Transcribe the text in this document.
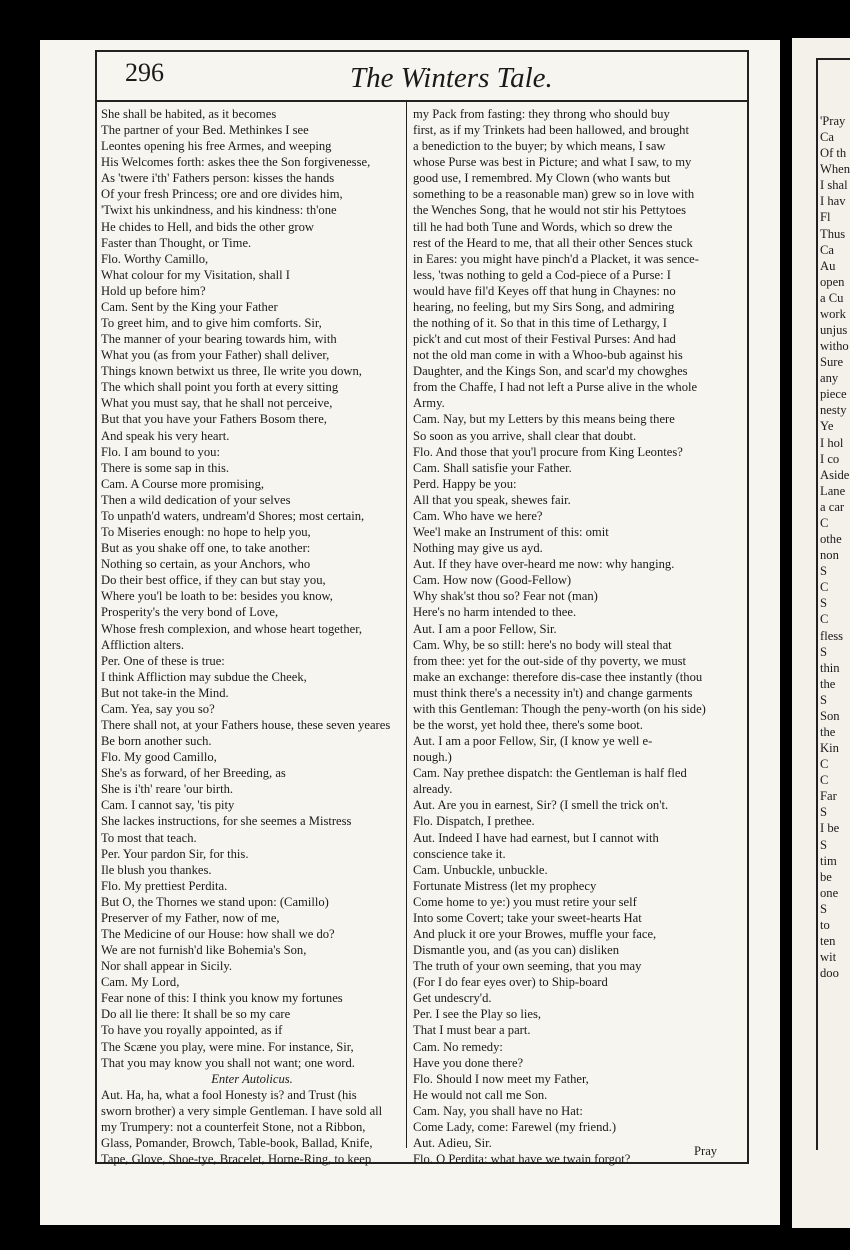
296	The Winters Tale.
She shall be habited, as it becomes
The partner of your Bed. Methinkes I see
Leontes opening his free Armes, and weeping
His Welcomes forth: askes thee the Son forgivenesse,
As 'twere i'th' Fathers person: kisses the hands
Of your fresh Princess; ore and ore divides him,
'Twixt his unkindness, and his kindness: th'one
He chides to Hell, and bids the other grow
Faster than Thought, or Time.
Flo. Worthy Camillo,
What colour for my Visitation, shall I
Hold up before him?
Cam. Sent by the King your Father
To greet him, and to give him comforts. Sir,
The manner of your bearing towards him, with
What you (as from your Father) shall deliver,
Things known betwixt us three, Ile write you down,
The which shall point you forth at every sitting
What you must say, that he shall not perceive,
But that you have your Fathers Bosom there,
And speak his very heart.
Flo. I am bound to you:
There is some sap in this.
Cam. A Course more promising,
Then a wild dedication of your selves
To unpath'd waters, undream'd Shores; most certain,
To Miseries enough: no hope to help you,
But as you shake off one, to take another:
Nothing so certain, as your Anchors, who
Do their best office, if they can but stay you,
Where you'l be loath to be: besides you know,
Prosperity's the very bond of Love,
Whose fresh complexion, and whose heart together,
Affliction alters.
Per. One of these is true:
I think Affliction may subdue the Cheek,
But not take-in the Mind.
Cam. Yea, say you so?
There shall not, at your Fathers house, these seven yeares
Be born another such.
Flo. My good Camillo,
She's as forward, of her Breeding, as
She is i'th' reare 'our birth.
Cam. I cannot say, 'tis pity
She lackes instructions, for she seemes a Mistress
To most that teach.
Per. Your pardon Sir, for this.
Ile blush you thankes.
Flo. My prettiest Perdita.
But O, the Thornes we stand upon: (Camillo)
Preserver of my Father, now of me,
The Medicine of our House: how shall we do?
We are not furnish'd like Bohemia's Son,
Nor shall appear in Sicily.
Cam. My Lord,
Fear none of this: I think you know my fortunes
Do all lie there: It shall be so my care
To have you royally appointed, as if
The Scæne you play, were mine. For instance, Sir,
That you may know you shall not want; one word.
Enter Autolicus.
Aut. Ha, ha, what a fool Honesty is? and Trust (his
sworn brother) a very simple Gentleman. I have sold all
my Trumpery: not a counterfeit Stone, not a Ribbon,
Glass, Pomander, Browch, Table-book, Ballad, Knife,
Tape, Glove, Shoe-tye, Bracelet, Horne-Ring, to keep
my Pack from fasting: they throng who should buy
first, as if my Trinkets had been hallowed, and brought
a benediction to the buyer; by which means, I saw
whose Purse was best in Picture; and what I saw, to my
good use, I remembred. My Clown (who wants but
something to be a reasonable man) grew so in love with
the Wenches Song, that he would not stir his Pettytoes
till he had both Tune and Words, which so drew the
rest of the Heard to me, that all their other Sences stuck
in Eares: you might have pinch'd a Placket, it was sence-
less, 'twas nothing to geld a Cod-piece of a Purse: I
would have fil'd Keyes off that hung in Chaynes: no
hearing, no feeling, but my Sirs Song, and admiring
the nothing of it. So that in this time of Lethargy, I
pick't and cut most of their Festival Purses: And had
not the old man come in with a Whoo-bub against his
Daughter, and the Kings Son, and scar'd my chowghes
from the Chaffe, I had not left a Purse alive in the whole
Army.
Cam. Nay, but my Letters by this means being there
So soon as you arrive, shall clear that doubt.
Flo. And those that you'l procure from King Leontes?
Cam. Shall satisfie your Father.
Perd. Happy be you:
All that you speak, shewes fair.
Cam. Who have we here?
Wee'l make an Instrument of this: omit
Nothing may give us ayd.
Aut. If they have over-heard me now: why hanging.
Cam. How now (Good-Fellow)
Why shak'st thou so? Fear not (man)
Here's no harm intended to thee.
Aut. I am a poor Fellow, Sir.
Cam. Why, be so still: here's no body will steal that
from thee: yet for the out-side of thy poverty, we must
make an exchange: therefore dis-case thee instantly (thou
must think there's a necessity in't) and change garments
with this Gentleman: Though the peny-worth (on his side)
be the worst, yet hold thee, there's some boot.
Aut. I am a poor Fellow, Sir, (I know ye well e-
nough.)
Cam. Nay prethee dispatch: the Gentleman is half fled
already.
Aut. Are you in earnest, Sir? (I smell the trick on't.
Flo. Dispatch, I prethee.
Aut. Indeed I have had earnest, but I cannot with
conscience take it.
Cam. Unbuckle, unbuckle.
Fortunate Mistress (let my prophecy
Come home to ye:) you must retire your self
Into some Covert; take your sweet-hearts Hat
And pluck it ore your Browes, muffle your face,
Dismantle you, and (as you can) disliken
The truth of your own seeming, that you may
(For I do fear eyes over) to Ship-board
Get undescry'd.
Per. I see the Play so lies,
That I must bear a part.
Cam. No remedy:
Have you done there?
Flo. Should I now meet my Father,
He would not call me Son.
Cam. Nay, you shall have no Hat:
Come Lady, come: Farewel (my friend.)
Aut. Adieu, Sir.
Flo. O Perdita: what have we twain forgot?
Pray
'Pray
Ca
Of th
When
I shal
I hav
Fl
Thus
Ca
Au
open
a Cu
work
unjus
witho
Sure
any
piece
nesty
Ye
I hol
I co
Aside
Lane
a car
C
othe
non
S
C
S
C
fless
S
thin
the
S
Son
the
Kin
C
C
Far
S
I be
S
tim
be
one
S
to
ten
wit
doo
